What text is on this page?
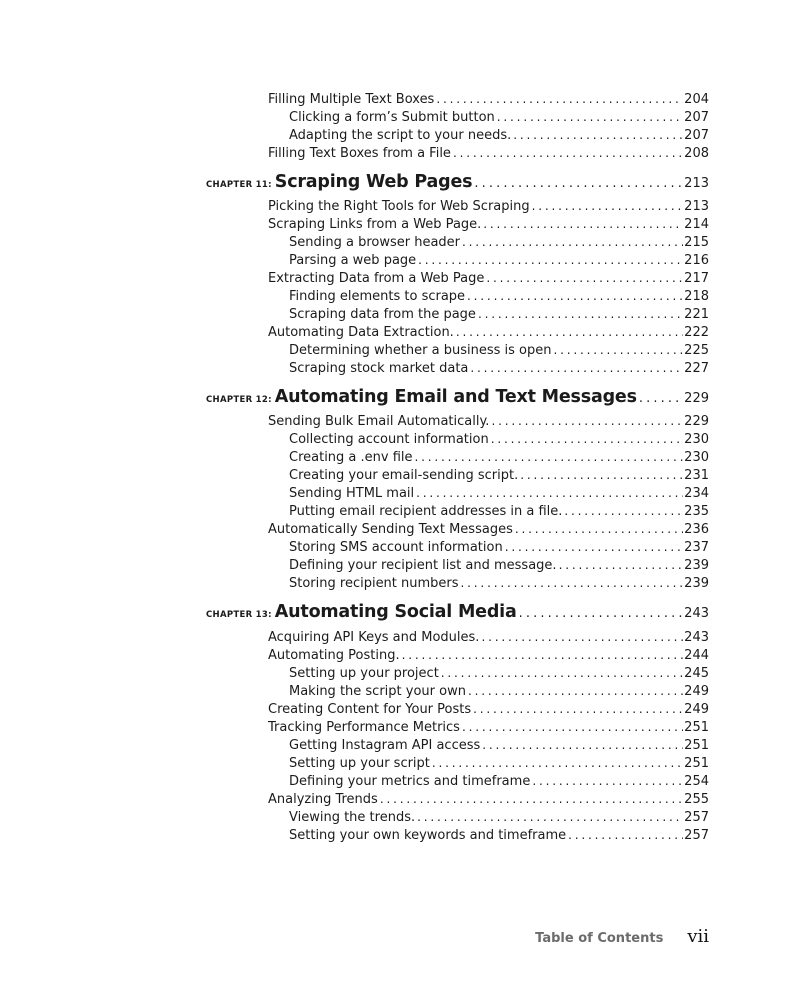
Filling Multiple Text Boxes . . .	204
Clicking a form’s Submit button . . .	207
Adapting the script to your needs. . . .	207
Filling Text Boxes from a File . . .	208
CHAPTER 11: Scraping Web Pages . . .	213
Picking the Right Tools for Web Scraping . . .	213
Scraping Links from a Web Page. . . .	214
Sending a browser header . . .	215
Parsing a web page . . .	216
Extracting Data from a Web Page . . .	217
Finding elements to scrape . . .	218
Scraping data from the page . . .	221
Automating Data Extraction. . . .	222
Determining whether a business is open . . .	225
Scraping stock market data . . .	227
CHAPTER 12: Automating Email and Text Messages . . .	229
Sending Bulk Email Automatically. . . .	229
Collecting account information . . .	230
Creating a .env file . . .	230
Creating your email-sending script. . . .	231
Sending HTML mail . . .	234
Putting email recipient addresses in a file. . . .	235
Automatically Sending Text Messages . . .	236
Storing SMS account information . . .	237
Defining your recipient list and message. . . .	239
Storing recipient numbers . . .	239
CHAPTER 13: Automating Social Media . . .	243
Acquiring API Keys and Modules. . . .	243
Automating Posting. . . .	244
Setting up your project . . .	245
Making the script your own . . .	249
Creating Content for Your Posts . . .	249
Tracking Performance Metrics . . .	251
Getting Instagram API access . . .	251
Setting up your script . . .	251
Defining your metrics and timeframe . . .	254
Analyzing Trends . . .	255
Viewing the trends. . . .	257
Setting your own keywords and timeframe . . .	257
Table of Contents vii
